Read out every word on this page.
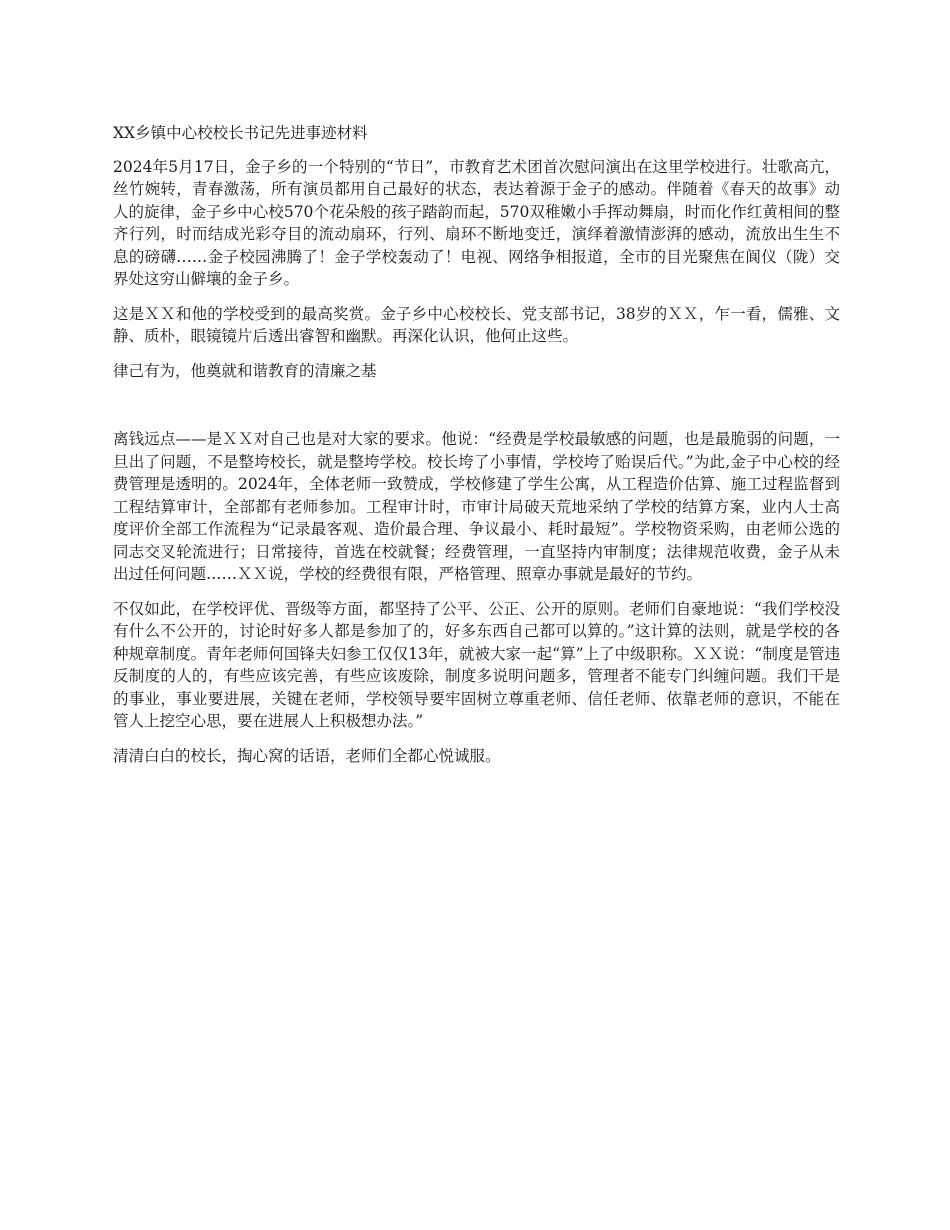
XX乡镇中心校校长书记先进事迹材料

2024年5月17日，金子乡的一个特别的“节日”，市教育艺术团首次慰问演出在这里学校进行。壮歌高亢，丝竹婉转，青春激荡，所有演员都用自己最好的状态，表达着源于金子的感动。伴随着《春天的故事》动人的旋律，金子乡中心校570个花朵般的孩子踏韵而起，570双稚嫩小手挥动舞扇，时而化作红黄相间的整齐行列，时而结成光彩夺目的流动扇环，行列、扇环不断地变迁，演绎着激情澎湃的感动，流放出生生不息的磅礴……金子校园沸腾了！金子学校轰动了！电视、网络争相报道，全市的目光聚焦在阆仪（陇）交界处这穷山僻壤的金子乡。

这是ＸＸ和他的学校受到的最高奖赏。金子乡中心校校长、党支部书记，38岁的ＸＸ，乍一看，儒雅、文静、质朴，眼镜镜片后透出睿智和幽默。再深化认识，他何止这些。

律己有为，他奠就和谐教育的清廉之基

离钱远点——是ＸＸ对自己也是对大家的要求。他说：“经费是学校最敏感的问题，也是最脆弱的问题，一旦出了问题，不是整垮校长，就是整垮学校。校长垮了小事情，学校垮了贻误后代。”为此,金子中心校的经费管理是透明的。2024年，全体老师一致赞成，学校修建了学生公寓，从工程造价估算、施工过程监督到工程结算审计，全部都有老师参加。工程审计时，市审计局破天荒地采纳了学校的结算方案，业内人士高度评价全部工作流程为“记录最客观、造价最合理、争议最小、耗时最短”。学校物资采购，由老师公选的同志交叉轮流进行；日常接待，首选在校就餐；经费管理，一直坚持内审制度；法律规范收费，金子从未出过任何问题……ＸＸ说，学校的经费很有限，严格管理、照章办事就是最好的节约。

不仅如此，在学校评优、晋级等方面，都坚持了公平、公正、公开的原则。老师们自豪地说：“我们学校没有什么不公开的，讨论时好多人都是参加了的，好多东西自己都可以算的。”这计算的法则，就是学校的各种规章制度。青年老师何国锋夫妇参工仅仅13年，就被大家一起“算”上了中级职称。ＸＸ说：“制度是管违反制度的人的，有些应该完善，有些应该废除，制度多说明问题多，管理者不能专门纠缠问题。我们干是的事业，事业要进展，关键在老师，学校领导要牢固树立尊重老师、信任老师、依靠老师的意识，不能在管人上挖空心思，要在进展人上积极想办法。”

清清白白的校长，掏心窝的话语，老师们全都心悦诚服。
